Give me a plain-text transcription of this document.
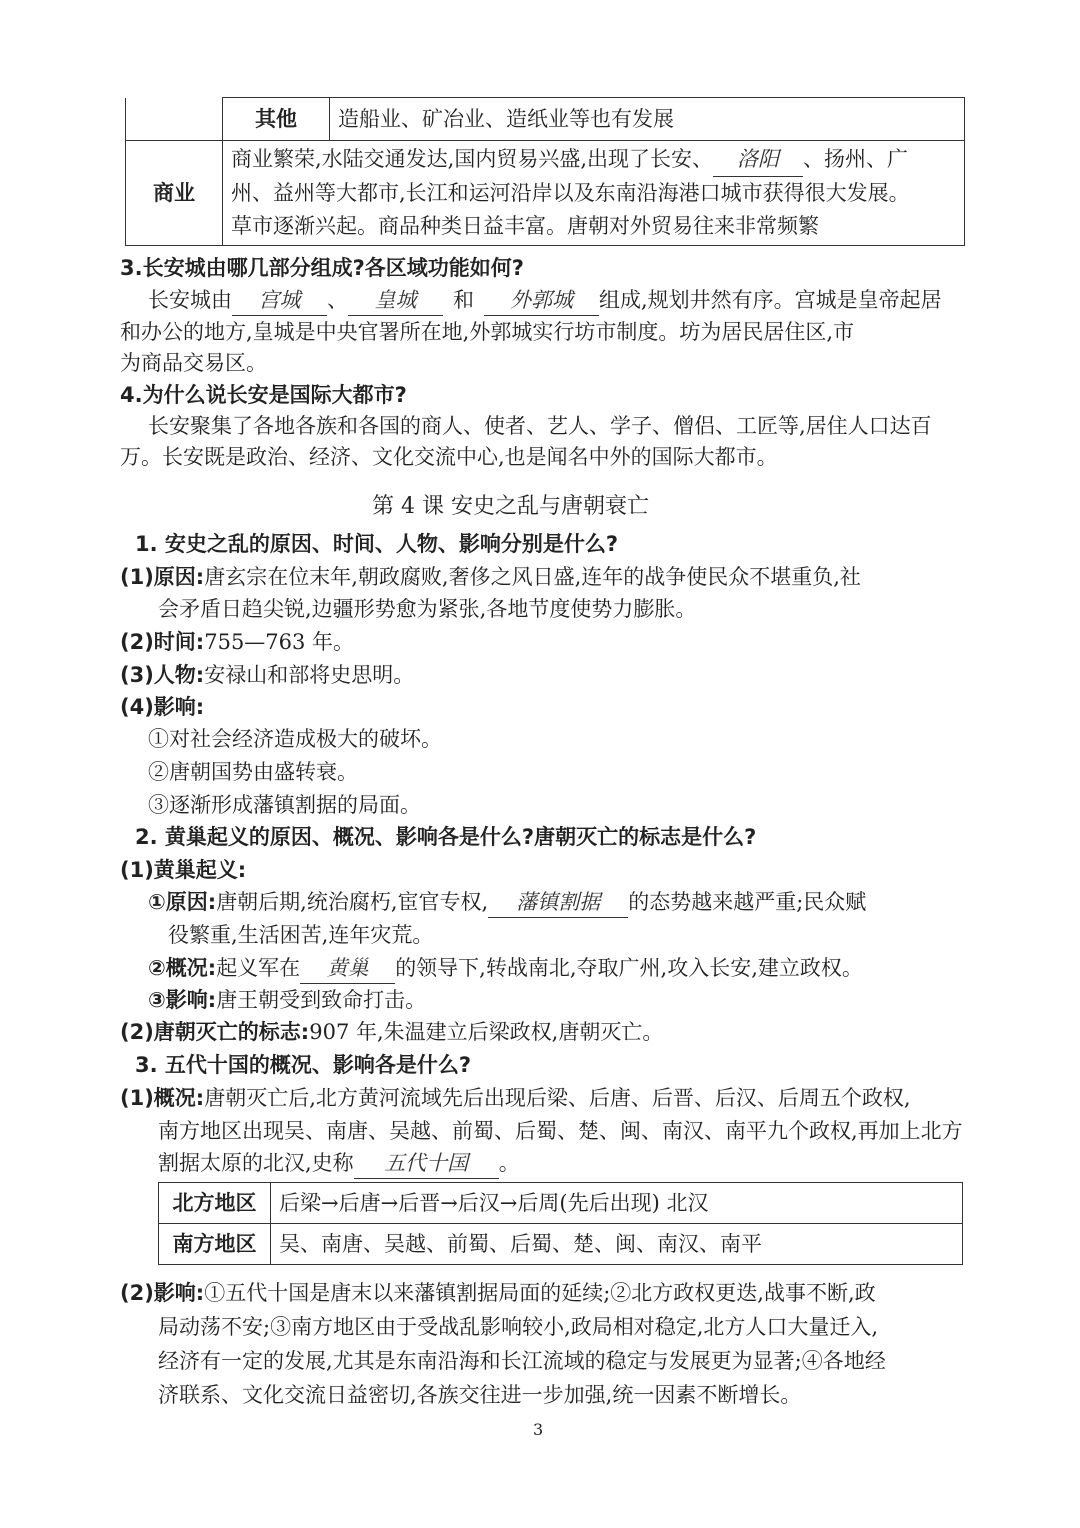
	其他	造船业、矿冶业、造纸业等也有发展
商业	商业繁荣,水陆交通发达,国内贸易兴盛,出现了长安、 洛阳 、扬州、广
州、益州等大都市,长江和运河沿岸以及东南沿海港口城市获得很大发展。
草市逐渐兴起。商品种类日益丰富。唐朝对外贸易往来非常频繁	
3.长安城由哪几部分组成?各区域功能如何?
长安城由 宫城 、 皇城 和 外郭城 组成,规划井然有序。宫城是皇帝起居
和办公的地方,皇城是中央官署所在地,外郭城实行坊市制度。坊为居民居住区,市
为商品交易区。
4.为什么说长安是国际大都市?
长安聚集了各地各族和各国的商人、使者、艺人、学子、僧侣、工匠等,居住人口达百
万。长安既是政治、经济、文化交流中心,也是闻名中外的国际大都市。
第 4 课 安史之乱与唐朝衰亡
1. 安史之乱的原因、时间、人物、影响分别是什么?
(1)原因:唐玄宗在位末年,朝政腐败,奢侈之风日盛,连年的战争使民众不堪重负,社
会矛盾日趋尖锐,边疆形势愈为紧张,各地节度使势力膨胀。
(2)时间:755—763 年。
(3)人物:安禄山和部将史思明。
(4)影响:
①对社会经济造成极大的破坏。
②唐朝国势由盛转衰。
③逐渐形成藩镇割据的局面。
2. 黄巢起义的原因、概况、影响各是什么?唐朝灭亡的标志是什么?
(1)黄巢起义:
①原因:唐朝后期,统治腐朽,宦官专权, 藩镇割据 的态势越来越严重;民众赋
役繁重,生活困苦,连年灾荒。
②概况:起义军在 黄巢 的领导下,转战南北,夺取广州,攻入长安,建立政权。
③影响:唐王朝受到致命打击。
(2)唐朝灭亡的标志:907 年,朱温建立后梁政权,唐朝灭亡。
3. 五代十国的概况、影响各是什么?
(1)概况:唐朝灭亡后,北方黄河流域先后出现后梁、后唐、后晋、后汉、后周五个政权,
南方地区出现吴、南唐、吴越、前蜀、后蜀、楚、闽、南汉、南平九个政权,再加上北方
割据太原的北汉,史称 五代十国 。
北方地区	后梁→后唐→后晋→后汉→后周(先后出现) 北汉
南方地区	吴、南唐、吴越、前蜀、后蜀、楚、闽、南汉、南平
(2)影响:①五代十国是唐末以来藩镇割据局面的延续;②北方政权更迭,战事不断,政
局动荡不安;③南方地区由于受战乱影响较小,政局相对稳定,北方人口大量迁入,
经济有一定的发展,尤其是东南沿海和长江流域的稳定与发展更为显著;④各地经
济联系、文化交流日益密切,各族交往进一步加强,统一因素不断增长。
3
